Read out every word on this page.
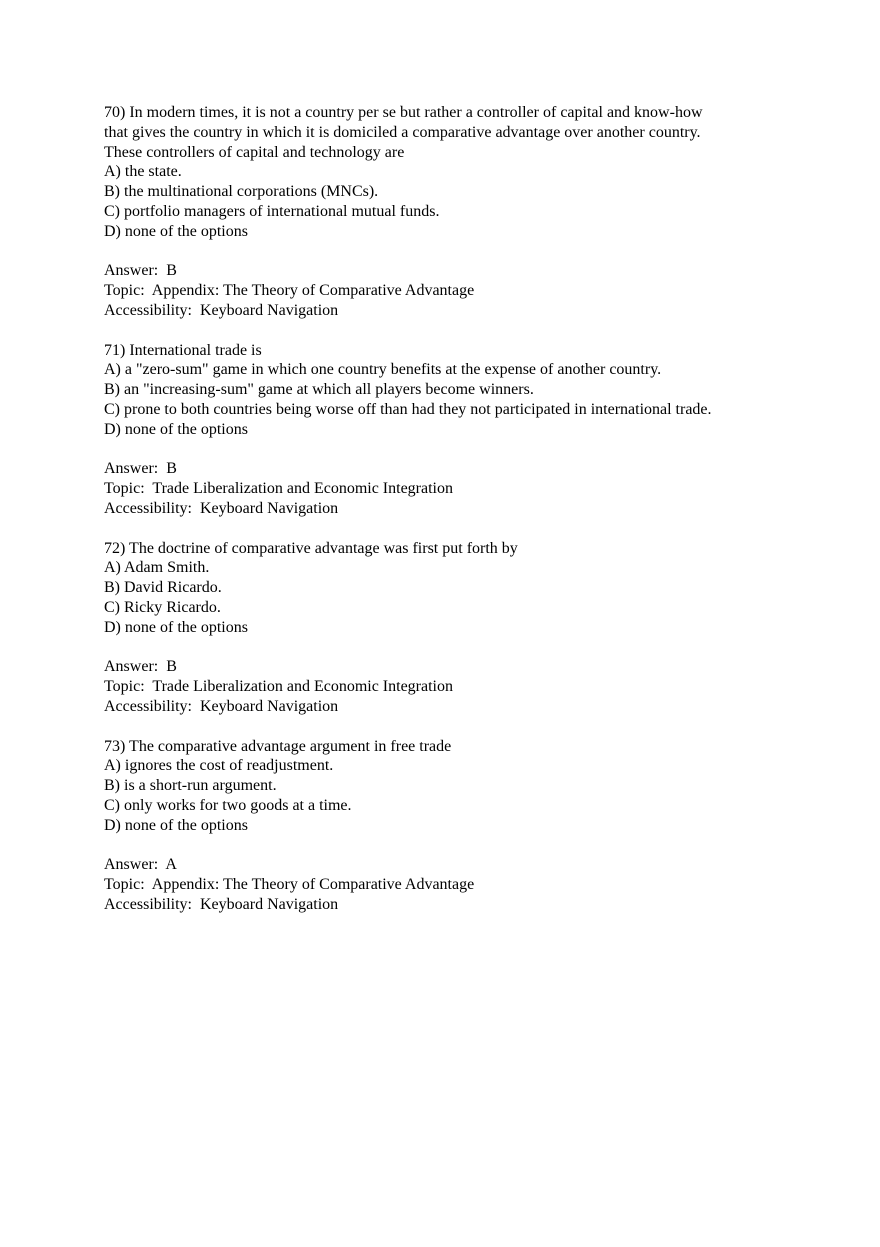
70) In modern times, it is not a country per se but rather a controller of capital and know-how
that gives the country in which it is domiciled a comparative advantage over another country.
These controllers of capital and technology are
A) the state.
B) the multinational corporations (MNCs).
C) portfolio managers of international mutual funds.
D) none of the options
Answer:  B
Topic:  Appendix: The Theory of Comparative Advantage
Accessibility:  Keyboard Navigation
71) International trade is
A) a "zero-sum" game in which one country benefits at the expense of another country.
B) an "increasing-sum" game at which all players become winners.
C) prone to both countries being worse off than had they not participated in international trade.
D) none of the options
Answer:  B
Topic:  Trade Liberalization and Economic Integration
Accessibility:  Keyboard Navigation
72) The doctrine of comparative advantage was first put forth by
A) Adam Smith.
B) David Ricardo.
C) Ricky Ricardo.
D) none of the options
Answer:  B
Topic:  Trade Liberalization and Economic Integration
Accessibility:  Keyboard Navigation
73) The comparative advantage argument in free trade
A) ignores the cost of readjustment.
B) is a short-run argument.
C) only works for two goods at a time.
D) none of the options
Answer:  A
Topic:  Appendix: The Theory of Comparative Advantage
Accessibility:  Keyboard Navigation
